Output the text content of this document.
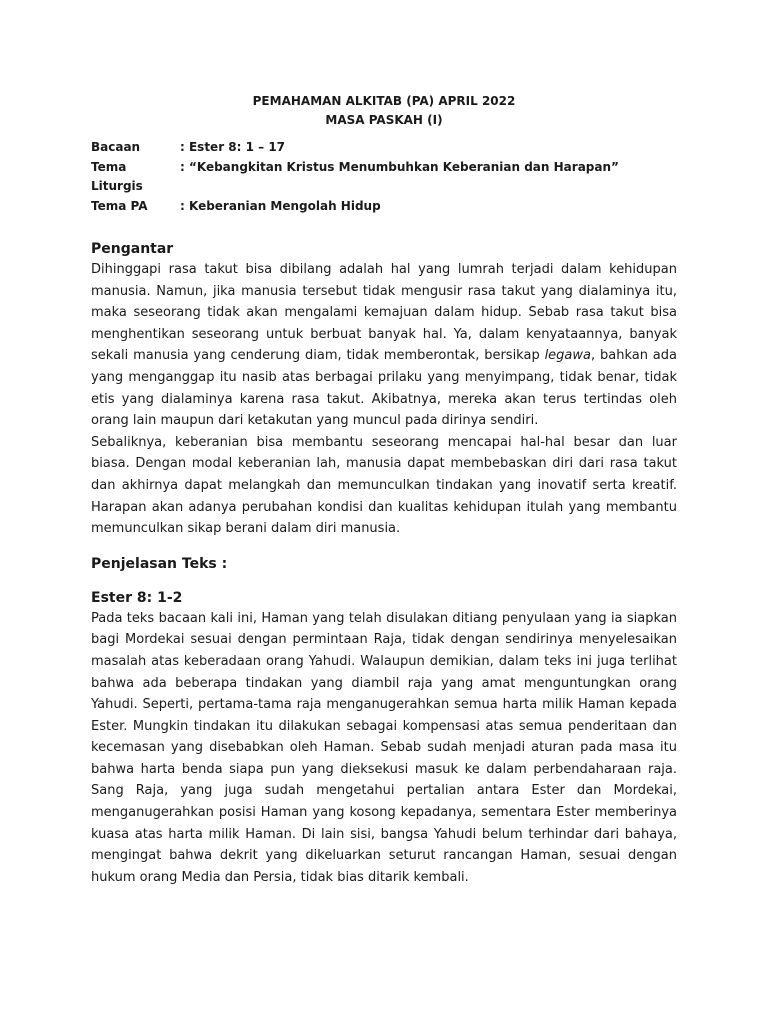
PEMAHAMAN ALKITAB (PA) APRIL 2022
MASA PASKAH (I)
Bacaan	: Ester 8: 1 – 17
Tema Liturgis
: “Kebangkitan Kristus Menumbuhkan Keberanian dan Harapan”
Tema PA	: Keberanian Mengolah Hidup
Pengantar

Dihinggapi rasa takut bisa dibilang adalah hal yang lumrah terjadi dalam kehidupan manusia. Namun, jika manusia tersebut tidak mengusir rasa takut yang dialaminya itu, maka seseorang tidak akan mengalami kemajuan dalam hidup. Sebab rasa takut bisa menghentikan seseorang untuk berbuat banyak hal. Ya, dalam kenyataannya, banyak sekali manusia yang cenderung diam, tidak memberontak, bersikap legawa, bahkan ada yang menganggap itu nasib atas berbagai prilaku yang menyimpang, tidak benar, tidak etis yang dialaminya karena rasa takut. Akibatnya, mereka akan terus tertindas oleh orang lain maupun dari ketakutan yang muncul pada dirinya sendiri.

Sebaliknya, keberanian bisa membantu seseorang mencapai hal-hal besar dan luar biasa. Dengan modal keberanian lah, manusia dapat membebaskan diri dari rasa takut dan akhirnya dapat melangkah dan memunculkan tindakan yang inovatif serta kreatif. Harapan akan adanya perubahan kondisi dan kualitas kehidupan itulah yang membantu memunculkan sikap berani dalam diri manusia.

Penjelasan Teks :
Ester 8: 1-2

Pada teks bacaan kali ini, Haman yang telah disulakan ditiang penyulaan yang ia siapkan bagi Mordekai sesuai dengan permintaan Raja, tidak dengan sendirinya menyelesaikan masalah atas keberadaan orang Yahudi. Walaupun demikian, dalam teks ini juga terlihat bahwa ada beberapa tindakan yang diambil raja yang amat menguntungkan orang Yahudi. Seperti, pertama-tama raja menganugerahkan semua harta milik Haman kepada Ester. Mungkin tindakan itu dilakukan sebagai kompensasi atas semua penderitaan dan kecemasan yang disebabkan oleh Haman. Sebab sudah menjadi aturan pada masa itu bahwa harta benda siapa pun yang dieksekusi masuk ke dalam perbendaharaan raja. Sang Raja, yang juga sudah mengetahui pertalian antara Ester dan Mordekai, menganugerahkan posisi Haman yang kosong kepadanya, sementara Ester memberinya kuasa atas harta milik Haman. Di lain sisi, bangsa Yahudi belum terhindar dari bahaya, mengingat bahwa dekrit yang dikeluarkan seturut rancangan Haman, sesuai dengan hukum orang Media dan Persia, tidak bias ditarik kembali.
